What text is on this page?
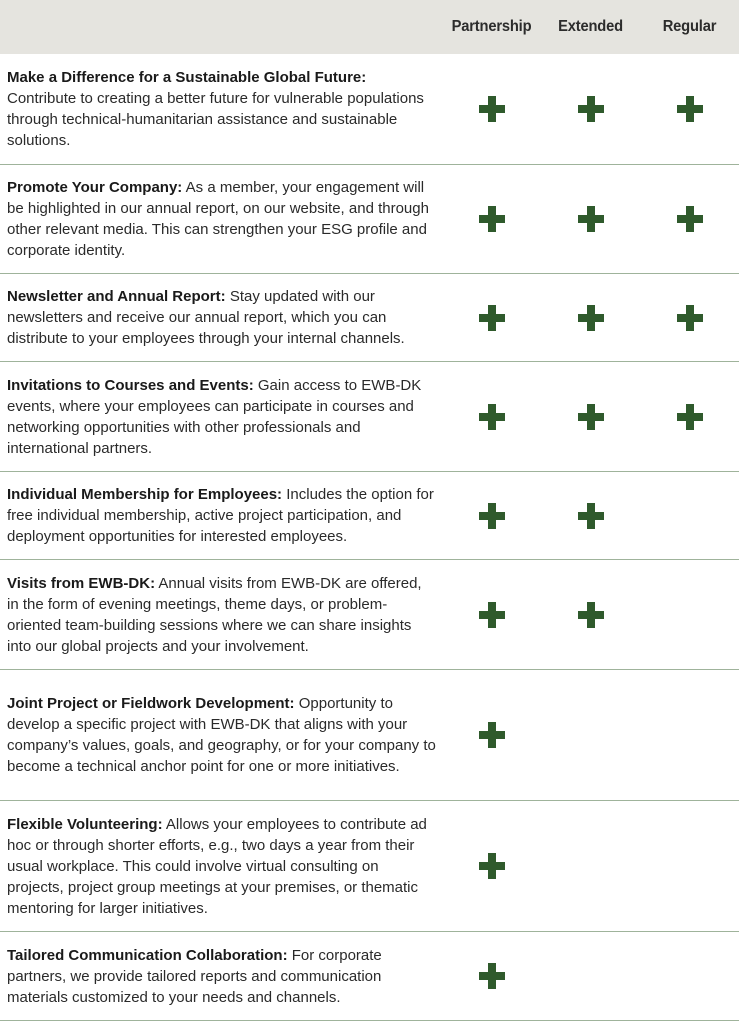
Partnership	Extended	Regular
Make a Difference for a Sustainable Global Future: Contribute to creating a better future for vulnerable populations through technical-humanitarian assistance and sustainable solutions.
Promote Your Company: As a member, your engagement will be highlighted in our annual report, on our website, and through other relevant media. This can strengthen your ESG profile and corporate identity.
Newsletter and Annual Report: Stay updated with our newsletters and receive our annual report, which you can distribute to your employees through your internal channels.
Invitations to Courses and Events: Gain access to EWB-DK events, where your employees can participate in courses and networking opportunities with other professionals and international partners.
Individual Membership for Employees: Includes the option for free individual membership, active project participation, and deployment opportunities for interested employees.
Visits from EWB-DK: Annual visits from EWB-DK are offered, in the form of evening meetings, theme days, or problem-oriented team-building sessions where we can share insights into our global projects and your involvement.
Joint Project or Fieldwork Development: Opportunity to develop a specific project with EWB-DK that aligns with your company’s values, goals, and geography, or for your company to become a technical anchor point for one or more initiatives.
Flexible Volunteering: Allows your employees to contribute ad hoc or through shorter efforts, e.g., two days a year from their usual workplace. This could involve virtual consulting on projects, project group meetings at your premises, or thematic mentoring for larger initiatives.
Tailored Communication Collaboration: For corporate partners, we provide tailored reports and communication materials customized to your needs and channels.
